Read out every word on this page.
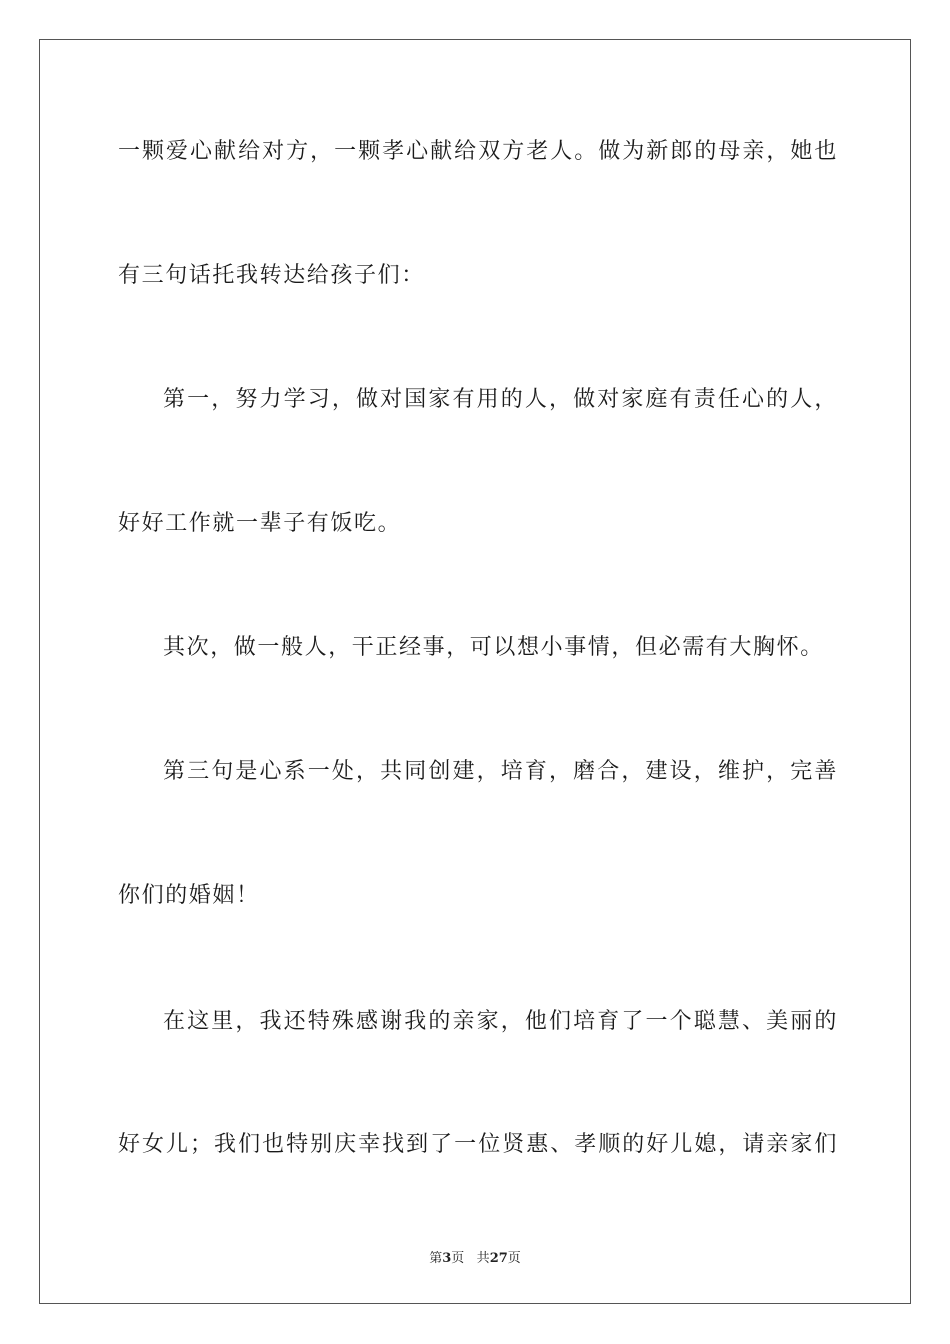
一颗爱心献给对方，一颗孝心献给双方老人。做为新郎的母亲，她也
有三句话托我转达给孩子们：
第一，努力学习，做对国家有用的人，做对家庭有责任心的人，
好好工作就一辈子有饭吃。
其次，做一般人，干正经事，可以想小事情，但必需有大胸怀。
第三句是心系一处，共同创建，培育，磨合，建设，维护，完善
你们的婚姻！
在这里，我还特殊感谢我的亲家，他们培育了一个聪慧、美丽的
好女儿；我们也特别庆幸找到了一位贤惠、孝顺的好儿媳，请亲家们
第3页 共27页
